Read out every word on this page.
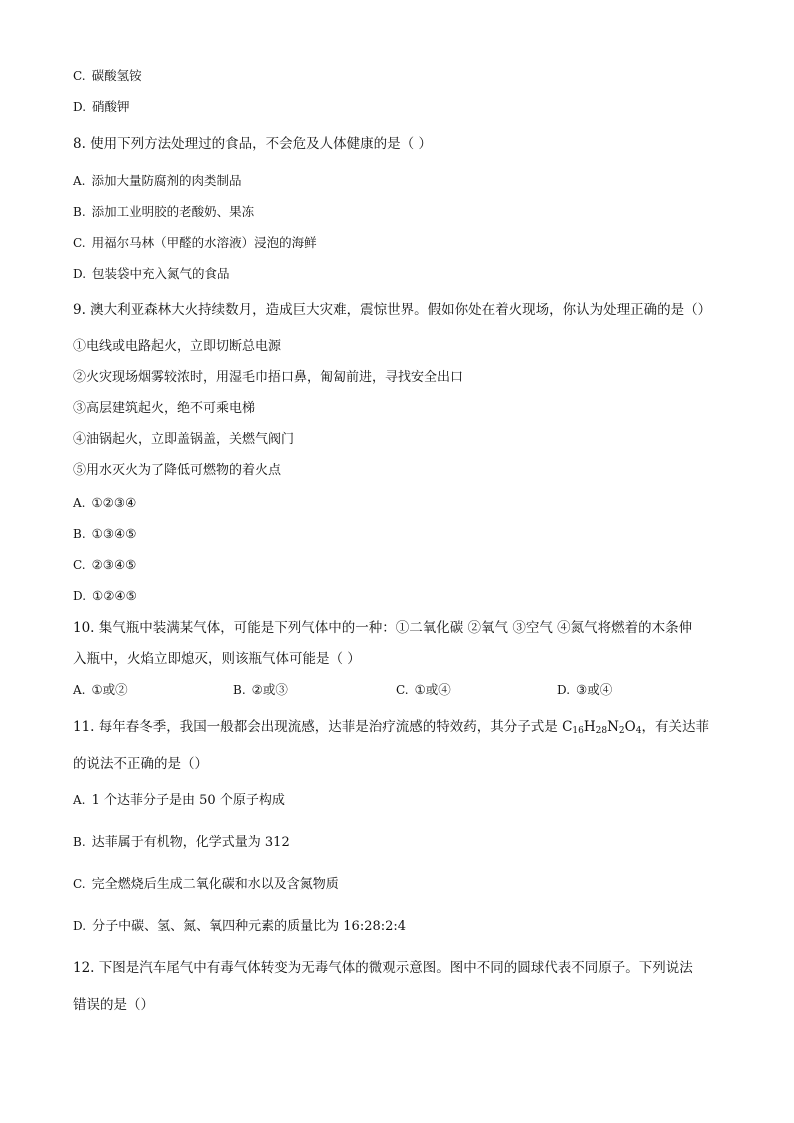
C. 碳酸氢铵
D. 硝酸钾
8. 使用下列方法处理过的食品，不会危及人体健康的是（ ）
A. 添加大量防腐剂的肉类制品
B. 添加工业明胶的老酸奶、果冻
C. 用福尔马林（甲醛的水溶液）浸泡的海鲜
D. 包装袋中充入氮气的食品
9. 澳大利亚森林大火持续数月，造成巨大灾难，震惊世界。假如你处在着火现场，你认为处理正确的是（）
①电线或电路起火，立即切断总电源
②火灾现场烟雾较浓时，用湿毛巾捂口鼻，匍匐前进，寻找安全出口
③高层建筑起火，绝不可乘电梯
④油锅起火，立即盖锅盖，关燃气阀门
⑤用水灭火为了降低可燃物的着火点
A. ①②③④
B. ①③④⑤
C. ②③④⑤
D. ①②④⑤
10. 集气瓶中装满某气体，可能是下列气体中的一种：①二氧化碳 ②氧气 ③空气 ④氮气将燃着的木条伸
入瓶中，火焰立即熄灭，则该瓶气体可能是（ ）
A. ①或②	B. ②或③	C. ①或④	D. ③或④
11. 每年春冬季，我国一般都会出现流感，达菲是治疗流感的特效药，其分子式是 $C_{16}H_{28}N_2O_4$，有关达菲
的说法不正确的是（）
A. 1 个达菲分子是由 50 个原子构成
B. 达菲属于有机物，化学式量为 312
C. 完全燃烧后生成二氧化碳和水以及含氮物质
D. 分子中碳、氢、氮、氧四种元素的质量比为 16:28:2:4
12. 下图是汽车尾气中有毒气体转变为无毒气体的微观示意图。图中不同的圆球代表不同原子。下列说法
错误的是（）
